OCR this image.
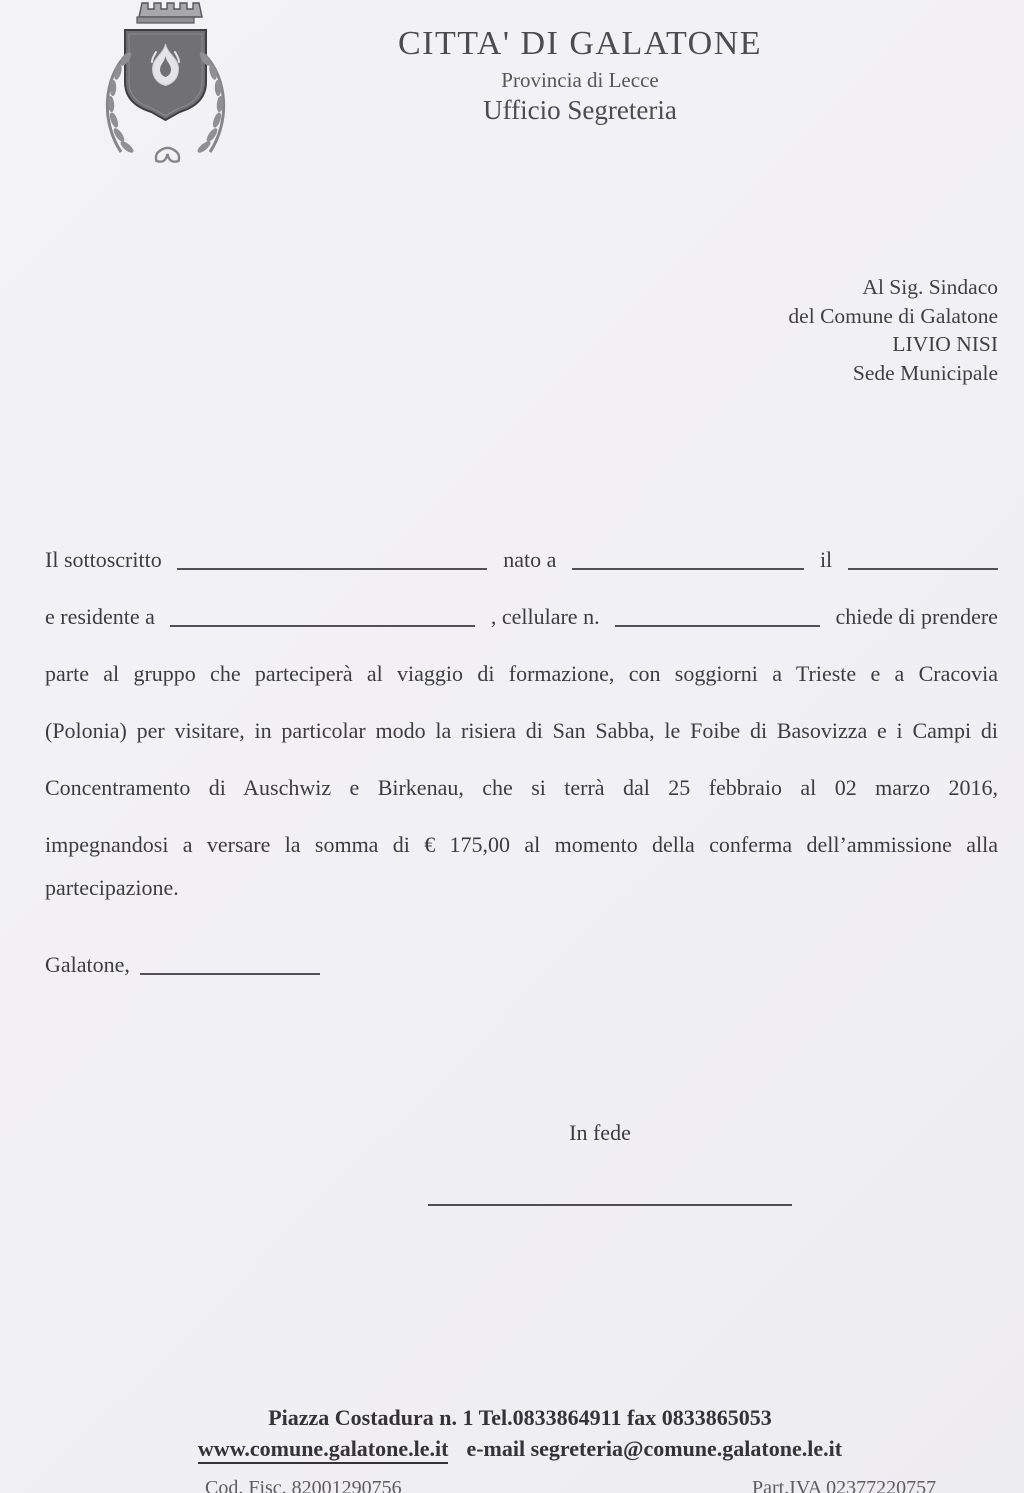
CITTA' DI GALATONE
Provincia di Lecce
Ufficio Segreteria
Al Sig. Sindaco
del Comune di Galatone
LIVIO NISI
Sede Municipale
Il sottoscritto	nato a	il
e residente a	, cellulare n.	chiede di prendere
parte al gruppo che parteciperà al viaggio di formazione, con soggiorni a Trieste e a Cracovia
(Polonia) per visitare, in particolar modo la risiera di San Sabba, le Foibe di Basovizza e i Campi di
Concentramento di Auschwiz e Birkenau, che si terrà dal 25 febbraio al 02 marzo 2016,
impegnandosi a versare la somma di € 175,00 al momento della conferma dell’ammissione alla
partecipazione.
Galatone,
In fede
Piazza Costadura n. 1 Tel.0833864911 fax 0833865053
www.comune.galatone.le.it e-mail segreteria@comune.galatone.le.it
Cod. Fisc. 82001290756	Part.IVA 02377220757
